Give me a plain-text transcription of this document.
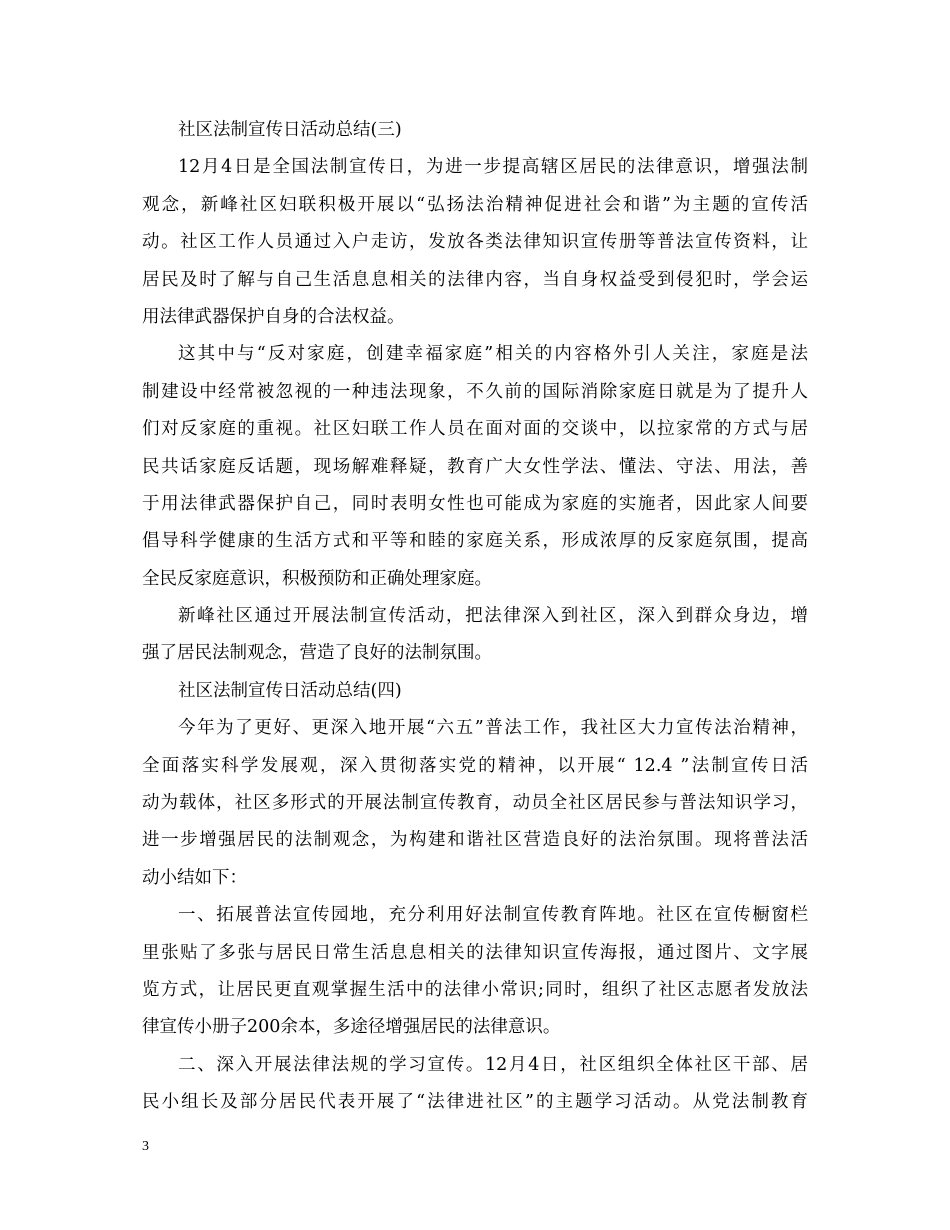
社区法制宣传日活动总结(三)
12月4日是全国法制宣传日，为进一步提高辖区居民的法律意识，增强法制
观念，新峰社区妇联积极开展以“弘扬法治精神促进社会和谐”为主题的宣传活
动。社区工作人员通过入户走访，发放各类法律知识宣传册等普法宣传资料，让
居民及时了解与自己生活息息相关的法律内容，当自身权益受到侵犯时，学会运
用法律武器保护自身的合法权益。
这其中与“反对家庭，创建幸福家庭”相关的内容格外引人关注，家庭是法
制建设中经常被忽视的一种违法现象，不久前的国际消除家庭日就是为了提升人
们对反家庭的重视。社区妇联工作人员在面对面的交谈中，以拉家常的方式与居
民共话家庭反话题，现场解难释疑，教育广大女性学法、懂法、守法、用法，善
于用法律武器保护自己，同时表明女性也可能成为家庭的实施者，因此家人间要
倡导科学健康的生活方式和平等和睦的家庭关系，形成浓厚的反家庭氛围，提高
全民反家庭意识，积极预防和正确处理家庭。
新峰社区通过开展法制宣传活动，把法律深入到社区，深入到群众身边，增
强了居民法制观念，营造了良好的法制氛围。
社区法制宣传日活动总结(四)
今年为了更好、更深入地开展“六五”普法工作，我社区大力宣传法治精神，
全面落实科学发展观，深入贯彻落实党的精神，以开展“ 12.4 ”法制宣传日活
动为载体，社区多形式的开展法制宣传教育，动员全社区居民参与普法知识学习，
进一步增强居民的法制观念，为构建和谐社区营造良好的法治氛围。现将普法活
动小结如下：
一、拓展普法宣传园地，充分利用好法制宣传教育阵地。社区在宣传橱窗栏
里张贴了多张与居民日常生活息息相关的法律知识宣传海报，通过图片、文字展
览方式，让居民更直观掌握生活中的法律小常识;同时，组织了社区志愿者发放法
律宣传小册子200余本，多途径增强居民的法律意识。
二、深入开展法律法规的学习宣传。12月4日，社区组织全体社区干部、居
民小组长及部分居民代表开展了“法律进社区”的主题学习活动。从党法制教育
3
